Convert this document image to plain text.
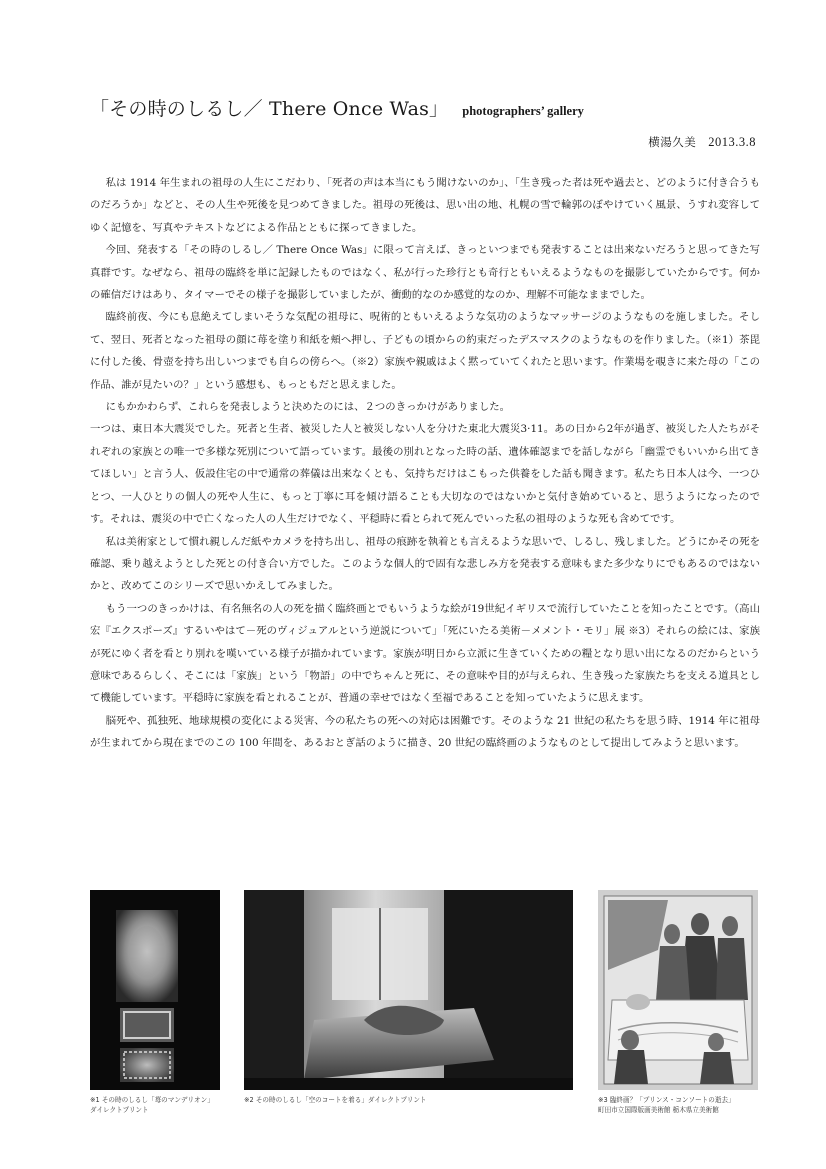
「その時のしるし／ There Once Was」 photographers’ gallery
横湯久美 2013.3.8

私は 1914 年生まれの祖母の人生にこだわり、「死者の声は本当にもう聞けないのか」、「生き残った者は死や過去と、どのように付き合うものだろうか」などと、その人生や死後を見つめてきました。祖母の死後は、思い出の地、札幌の雪で輪郭のぼやけていく風景、うすれ変容してゆく記憶を、写真やテキストなどによる作品とともに探ってきました。

今回、発表する「その時のしるし／ There Once Was」に限って言えば、きっといつまでも発表することは出来ないだろうと思ってきた写真群です。なぜなら、祖母の臨終を単に記録したものではなく、私が行った珍行とも奇行ともいえるようなものを撮影していたからです。何かの確信だけはあり、タイマーでその様子を撮影していましたが、衝動的なのか感覚的なのか、理解不可能なままでした。

臨終前夜、今にも息絶えてしまいそうな気配の祖母に、呪術的ともいえるような気功のようなマッサージのようなものを施しました。そして、翌日、死者となった祖母の顔に苺を塗り和紙を頬へ押し、子どもの頃からの約束だったデスマスクのようなものを作りました。（※1）茶毘に付した後、骨壺を持ち出しいつまでも自らの傍らへ。（※2）家族や親戚はよく黙っていてくれたと思います。作業場を覗きに来た母の「この作品、誰が見たいの？」という感想も、もっともだと思えました。

にもかかわらず、これらを発表しようと決めたのには、２つのきっかけがありました。

一つは、東日本大震災でした。死者と生者、被災した人と被災しない人を分けた東北大震災3·11。あの日から2年が過ぎ、被災した人たちがそれぞれの家族との唯一で多様な死別について語っています。最後の別れとなった時の話、遺体確認までを話しながら「幽霊でもいいから出てきてほしい」と言う人、仮設住宅の中で通常の葬儀は出来なくとも、気持ちだけはこもった供養をした話も聞きます。私たち日本人は今、一つひとつ、一人ひとりの個人の死や人生に、もっと丁寧に耳を傾け語ることも大切なのではないかと気付き始めていると、思うようになったのです。それは、震災の中で亡くなった人の人生だけでなく、平穏時に看とられて死んでいった私の祖母のような死も含めてです。

私は美術家として慣れ親しんだ紙やカメラを持ち出し、祖母の痕跡を執着とも言えるような思いで、しるし、残しました。どうにかその死を確認、乗り越えようとした死との付き合い方でした。このような個人的で固有な悲しみ方を発表する意味もまた多少なりにでもあるのではないかと、改めてこのシリーズで思いかえしてみました。

もう一つのきっかけは、有名無名の人の死を描く臨終画とでもいうような絵が19世紀イギリスで流行していたことを知ったことです。（高山宏『エクスポーズ』するいやはて－死のヴィジュアルという逆説について」「死にいたる美術－メメント・モリ」展 ※3）それらの絵には、家族が死にゆく者を看とり別れを嘆いている様子が描かれています。家族が明日から立派に生きていくための糧となり思い出になるのだからという意味であるらしく、そこには「家族」という「物語」の中でちゃんと死に、その意味や目的が与えられ、生き残った家族たちを支える道具として機能しています。平穏時に家族を看とれることが、普通の幸せではなく至福であることを知っていたように思えます。

脳死や、孤独死、地球規模の変化による災害、今の私たちの死への対応は困難です。そのような 21 世紀の私たちを思う時、1914 年に祖母が生まれてから現在までのこの 100 年間を、あるおとぎ話のように描き、20 世紀の臨終画のようなものとして提出してみようと思います。

※1 その時のしるし「苺のマンデリオン」
ダイレクトプリント
※2 その時のしるし「空のコートを着る」ダイレクトプリント	※3 臨終画？「プリンス・コンソートの逝去」
町田市立国際版画美術館 栃木県立美術館
